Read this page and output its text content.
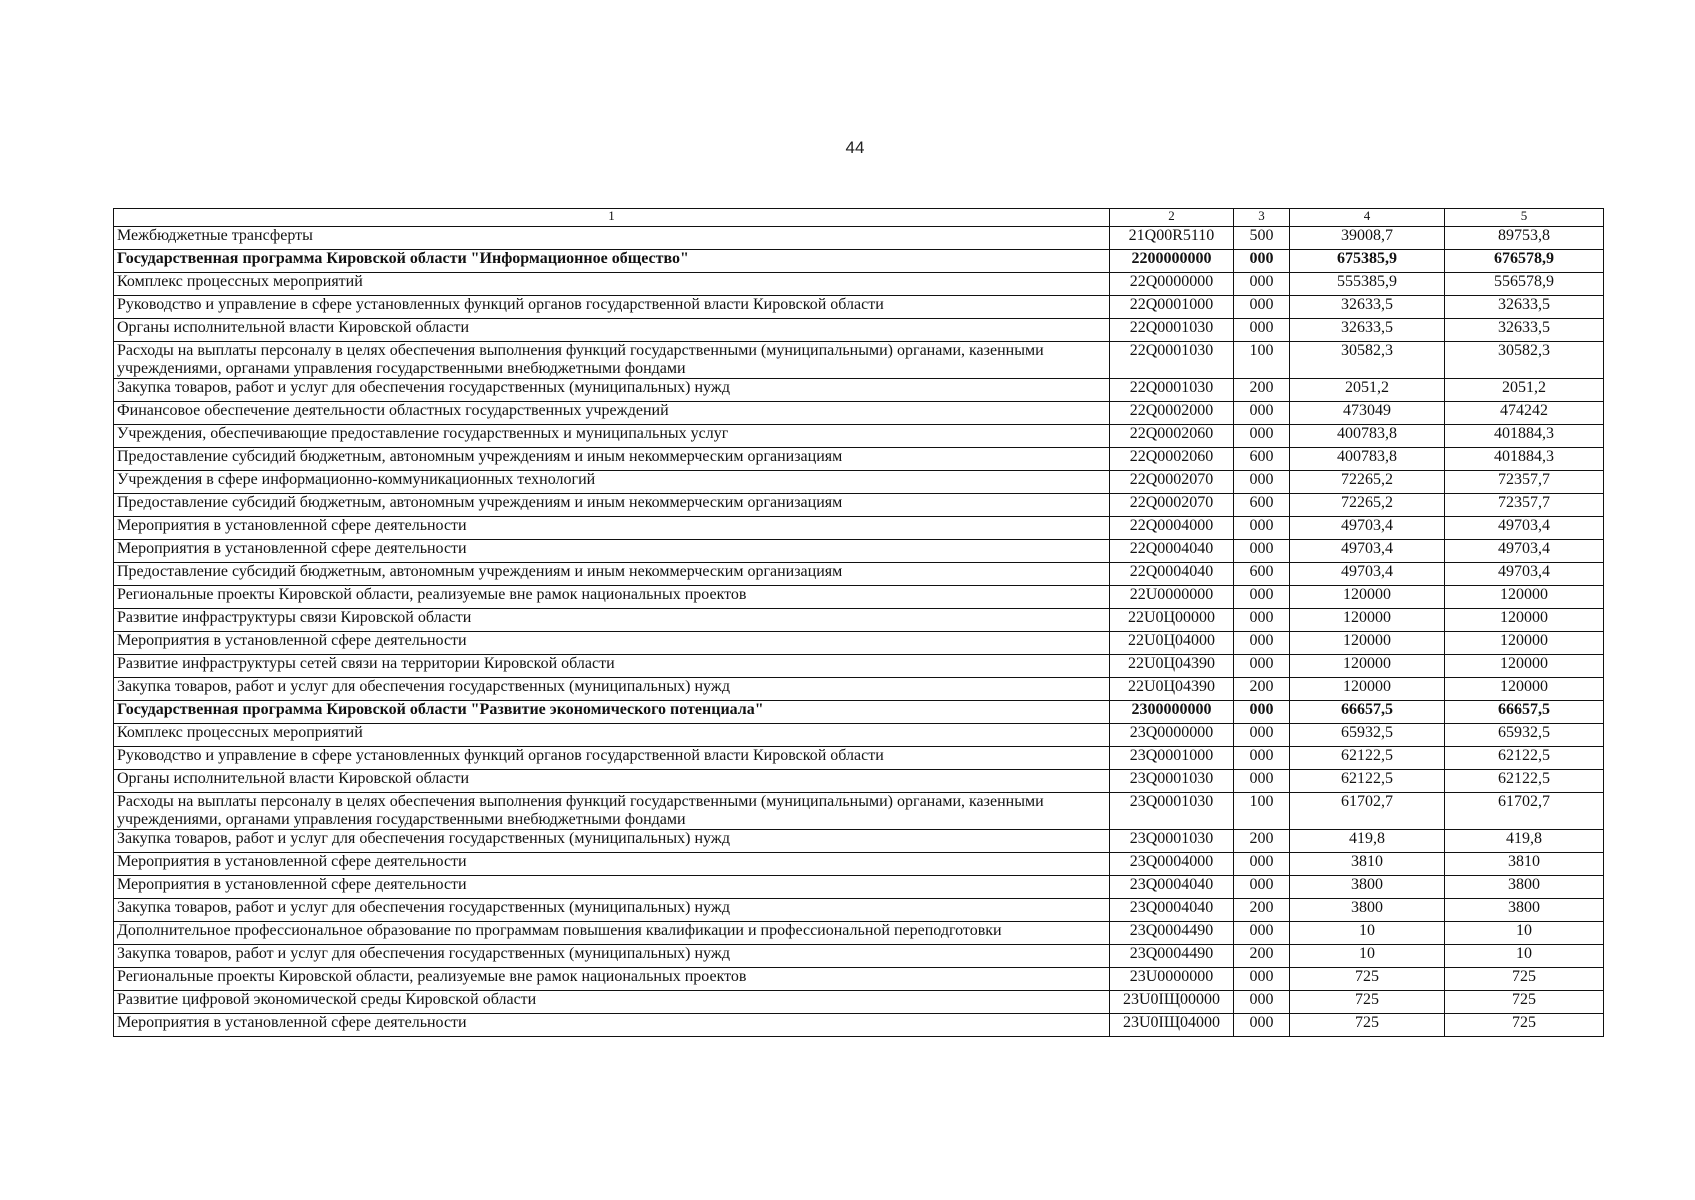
44
1	2	3	4	5
Межбюджетные трансферты	21Q00R5110	500	39008,7	89753,8
Государственная программа Кировской области "Информационное общество"	2200000000	000	675385,9	676578,9
Комплекс процессных мероприятий	22Q0000000	000	555385,9	556578,9
Руководство и управление в сфере установленных функций органов государственной власти Кировской области	22Q0001000	000	32633,5	32633,5
Органы исполнительной власти Кировской области	22Q0001030	000	32633,5	32633,5
Расходы на выплаты персоналу в целях обеспечения выполнения функций государственными (муниципальными) органами, казенными учреждениями, органами управления государственными внебюджетными фондами	22Q0001030	100	30582,3	30582,3
Закупка товаров, работ и услуг для обеспечения государственных (муниципальных) нужд	22Q0001030	200	2051,2	2051,2
Финансовое обеспечение деятельности областных государственных учреждений	22Q0002000	000	473049	474242
Учреждения, обеспечивающие предоставление государственных и муниципальных услуг	22Q0002060	000	400783,8	401884,3
Предоставление субсидий бюджетным, автономным учреждениям и иным некоммерческим организациям	22Q0002060	600	400783,8	401884,3
Учреждения в сфере информационно-коммуникационных технологий	22Q0002070	000	72265,2	72357,7
Предоставление субсидий бюджетным, автономным учреждениям и иным некоммерческим организациям	22Q0002070	600	72265,2	72357,7
Мероприятия в установленной сфере деятельности	22Q0004000	000	49703,4	49703,4
Мероприятия в установленной сфере деятельности	22Q0004040	000	49703,4	49703,4
Предоставление субсидий бюджетным, автономным учреждениям и иным некоммерческим организациям	22Q0004040	600	49703,4	49703,4
Региональные проекты Кировской области, реализуемые вне рамок национальных проектов	22U0000000	000	120000	120000
Развитие инфраструктуры связи Кировской области	22U0Ц00000	000	120000	120000
Мероприятия в установленной сфере деятельности	22U0Ц04000	000	120000	120000
Развитие инфраструктуры сетей связи на территории Кировской области	22U0Ц04390	000	120000	120000
Закупка товаров, работ и услуг для обеспечения государственных (муниципальных) нужд	22U0Ц04390	200	120000	120000
Государственная программа Кировской области "Развитие экономического потенциала"	2300000000	000	66657,5	66657,5
Комплекс процессных мероприятий	23Q0000000	000	65932,5	65932,5
Руководство и управление в сфере установленных функций органов государственной власти Кировской области	23Q0001000	000	62122,5	62122,5
Органы исполнительной власти Кировской области	23Q0001030	000	62122,5	62122,5
Расходы на выплаты персоналу в целях обеспечения выполнения функций государственными (муниципальными) органами, казенными учреждениями, органами управления государственными внебюджетными фондами	23Q0001030	100	61702,7	61702,7
Закупка товаров, работ и услуг для обеспечения государственных (муниципальных) нужд	23Q0001030	200	419,8	419,8
Мероприятия в установленной сфере деятельности	23Q0004000	000	3810	3810
Мероприятия в установленной сфере деятельности	23Q0004040	000	3800	3800
Закупка товаров, работ и услуг для обеспечения государственных (муниципальных) нужд	23Q0004040	200	3800	3800
Дополнительное профессиональное образование по программам повышения квалификации и профессиональной переподготовки	23Q0004490	000	10	10
Закупка товаров, работ и услуг для обеспечения государственных (муниципальных) нужд	23Q0004490	200	10	10
Региональные проекты Кировской области, реализуемые вне рамок национальных проектов	23U0000000	000	725	725
Развитие цифровой экономической среды Кировской области	23U0IЩ00000	000	725	725
Мероприятия в установленной сфере деятельности	23U0IЩ04000	000	725	725
